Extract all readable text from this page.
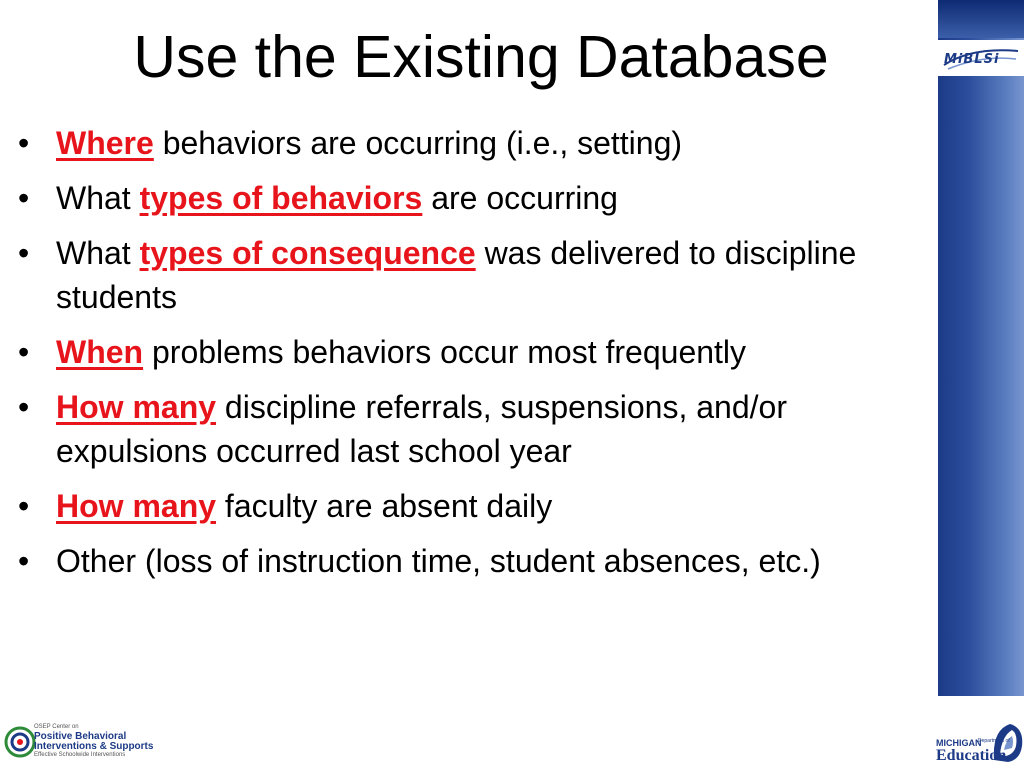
Use the Existing Database	MiBLSi
• Where behaviors are occurring (i.e., setting)
• What types of behaviors are occurring
• What types of consequence was delivered to discipline students
• When problems behaviors occur most frequently
• How many discipline referrals, suspensions, and/or expulsions occurred last school year
• How many faculty are absent daily
• Other (loss of instruction time, student absences, etc.)
OSEP Center on
Positive Behavioral
Interventions & Supports
Effective Schoolwide Interventions
MICHIGAN
Department of
Education
